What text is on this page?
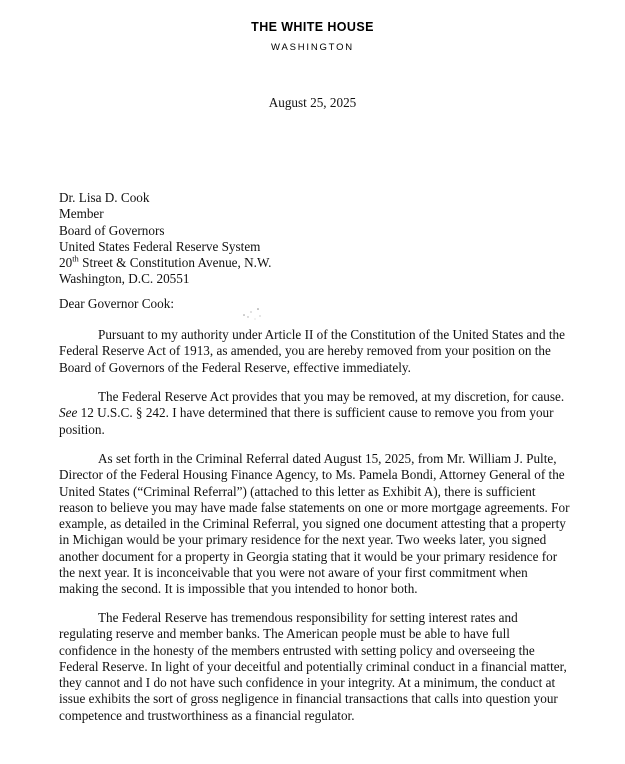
THE WHITE HOUSE
WASHINGTON
August 25, 2025
Dr. Lisa D. Cook
Member
Board of Governors
United States Federal Reserve System
20th Street & Constitution Avenue, N.W.
Washington, D.C. 20551
Dear Governor Cook:
Pursuant to my authority under Article II of the Constitution of the United States and the
Federal Reserve Act of 1913, as amended, you are hereby removed from your position on the
Board of Governors of the Federal Reserve, effective immediately.
The Federal Reserve Act provides that you may be removed, at my discretion, for cause.
See 12 U.S.C. § 242. I have determined that there is sufficient cause to remove you from your
position.
As set forth in the Criminal Referral dated August 15, 2025, from Mr. William J. Pulte,
Director of the Federal Housing Finance Agency, to Ms. Pamela Bondi, Attorney General of the
United States (“Criminal Referral”) (attached to this letter as Exhibit A), there is sufficient
reason to believe you may have made false statements on one or more mortgage agreements. For
example, as detailed in the Criminal Referral, you signed one document attesting that a property
in Michigan would be your primary residence for the next year. Two weeks later, you signed
another document for a property in Georgia stating that it would be your primary residence for
the next year. It is inconceivable that you were not aware of your first commitment when
making the second. It is impossible that you intended to honor both.
The Federal Reserve has tremendous responsibility for setting interest rates and
regulating reserve and member banks. The American people must be able to have full
confidence in the honesty of the members entrusted with setting policy and overseeing the
Federal Reserve. In light of your deceitful and potentially criminal conduct in a financial matter,
they cannot and I do not have such confidence in your integrity. At a minimum, the conduct at
issue exhibits the sort of gross negligence in financial transactions that calls into question your
competence and trustworthiness as a financial regulator.
